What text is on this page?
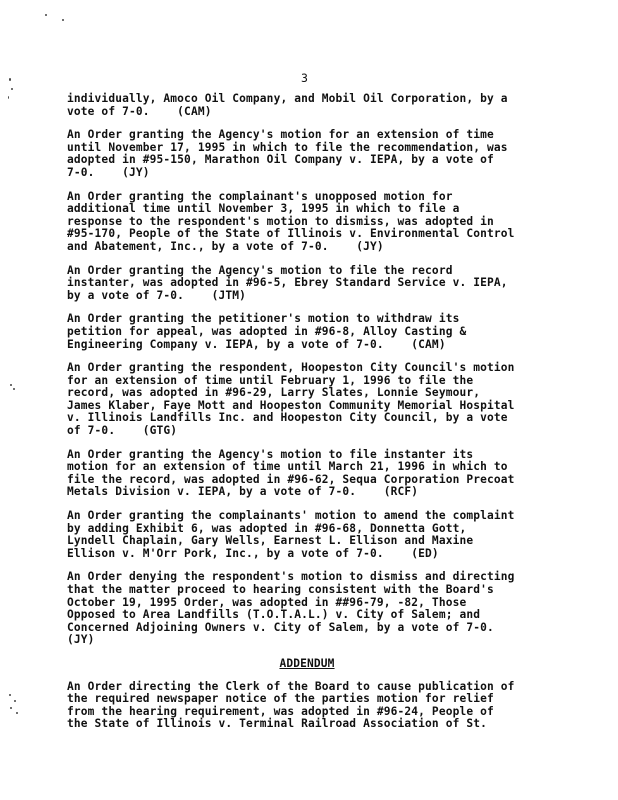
3
individually, Amoco Oil Company, and Mobil Oil Corporation, by a
vote of 7-0.    (CAM)
An Order granting the Agency's motion for an extension of time
until November 17, 1995 in which to file the recommendation, was
adopted in #95-150, Marathon Oil Company v. IEPA, by a vote of
7-0.    (JY)
An Order granting the complainant's unopposed motion for
additional time until November 3, 1995 in which to file a
response to the respondent's motion to dismiss, was adopted in
#95-170, People of the State of Illinois v. Environmental Control
and Abatement, Inc., by a vote of 7-0.    (JY)
An Order granting the Agency's motion to file the record
instanter, was adopted in #96-5, Ebrey Standard Service v. IEPA,
by a vote of 7-0.    (JTM)
An Order granting the petitioner's motion to withdraw its
petition for appeal, was adopted in #96-8, Alloy Casting &
Engineering Company v. IEPA, by a vote of 7-0.    (CAM)
An Order granting the respondent, Hoopeston City Council's motion
for an extension of time until February 1, 1996 to file the
record, was adopted in #96-29, Larry Slates, Lonnie Seymour,
James Klaber, Faye Mott and Hoopeston Community Memorial Hospital
v. Illinois Landfills Inc. and Hoopeston City Council, by a vote
of 7-0.    (GTG)
An Order granting the Agency's motion to file instanter its
motion for an extension of time until March 21, 1996 in which to
file the record, was adopted in #96-62, Sequa Corporation Precoat
Metals Division v. IEPA, by a vote of 7-0.    (RCF)
An Order granting the complainants' motion to amend the complaint
by adding Exhibit 6, was adopted in #96-68, Donnetta Gott,
Lyndell Chaplain, Gary Wells, Earnest L. Ellison and Maxine
Ellison v. M'Orr Pork, Inc., by a vote of 7-0.    (ED)
An Order denying the respondent's motion to dismiss and directing
that the matter proceed to hearing consistent with the Board's
October 19, 1995 Order, was adopted in ##96-79, -82, Those
Opposed to Area Landfills (T.O.T.A.L.) v. City of Salem; and
Concerned Adjoining Owners v. City of Salem, by a vote of 7-0.
(JY)
ADDENDUM
An Order directing the Clerk of the Board to cause publication of
the required newspaper notice of the parties motion for relief
from the hearing requirement, was adopted in #96-24, People of
the State of Illinois v. Terminal Railroad Association of St.
